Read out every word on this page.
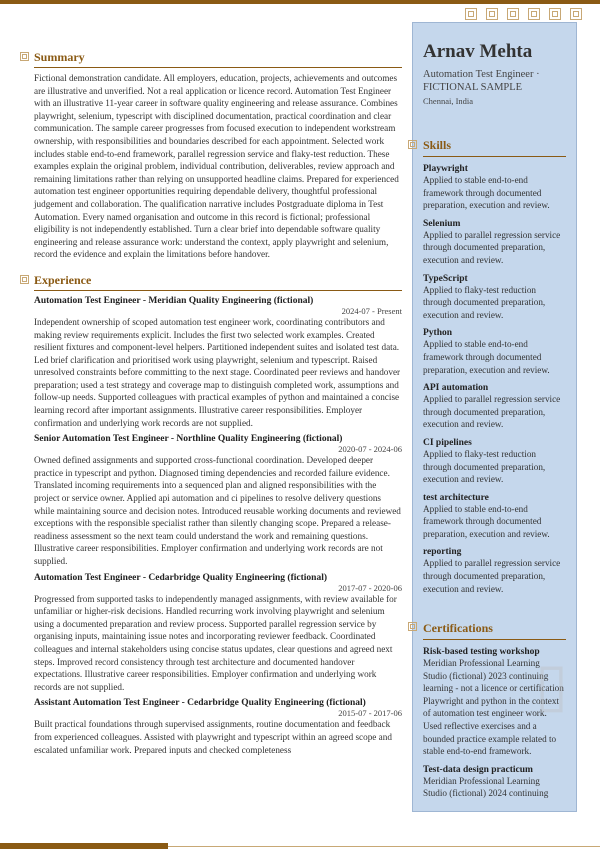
Summary
Fictional demonstration candidate. All employers, education, projects, achievements and outcomes are illustrative and unverified. Not a real application or licence record. Automation Test Engineer with an illustrative 11-year career in software quality engineering and release assurance. Combines playwright, selenium, typescript with disciplined documentation, practical coordination and clear communication. The sample career progresses from focused execution to independent workstream ownership, with responsibilities and boundaries described for each appointment. Selected work includes stable end-to-end framework, parallel regression service and flaky-test reduction. These examples explain the original problem, individual contribution, deliverables, review approach and remaining limitations rather than relying on unsupported headline claims. Prepared for experienced automation test engineer opportunities requiring dependable delivery, thoughtful professional judgement and collaboration. The qualification narrative includes Postgraduate diploma in Test Automation. Every named organisation and outcome in this record is fictional; professional eligibility is not independently established. Turn a clear brief into dependable software quality engineering and release assurance work: understand the context, apply playwright and selenium, record the evidence and explain the limitations before handover.
Experience
Automation Test Engineer - Meridian Quality Engineering (fictional)
2024-07 - Present
Independent ownership of scoped automation test engineer work, coordinating contributors and making review requirements explicit. Includes the first two selected work examples. Created resilient fixtures and component-level helpers. Partitioned independent suites and isolated test data. Led brief clarification and prioritised work using playwright, selenium and typescript. Raised unresolved constraints before committing to the next stage. Coordinated peer reviews and handover preparation; used a test strategy and coverage map to distinguish completed work, assumptions and follow-up needs. Supported colleagues with practical examples of python and maintained a concise learning record after important assignments. Illustrative career responsibilities. Employer confirmation and underlying work records are not supplied.
Senior Automation Test Engineer - Northline Quality Engineering (fictional)
2020-07 - 2024-06
Owned defined assignments and supported cross-functional coordination. Developed deeper practice in typescript and python. Diagnosed timing dependencies and recorded failure evidence. Translated incoming requirements into a sequenced plan and aligned responsibilities with the project or service owner. Applied api automation and ci pipelines to resolve delivery questions while maintaining source and decision notes. Introduced reusable working documents and reviewed exceptions with the responsible specialist rather than silently changing scope. Prepared a release-readiness assessment so the next team could understand the work and remaining questions. Illustrative career responsibilities. Employer confirmation and underlying work records are not supplied.
Automation Test Engineer - Cedarbridge Quality Engineering (fictional)
2017-07 - 2020-06
Progressed from supported tasks to independently managed assignments, with review available for unfamiliar or higher-risk decisions. Handled recurring work involving playwright and selenium using a documented preparation and review process. Supported parallel regression service by organising inputs, maintaining issue notes and incorporating reviewer feedback. Coordinated colleagues and internal stakeholders using concise status updates, clear questions and agreed next steps. Improved record consistency through test architecture and documented handover expectations. Illustrative career responsibilities. Employer confirmation and underlying work records are not supplied.
Assistant Automation Test Engineer - Cedarbridge Quality Engineering (fictional)
2015-07 - 2017-06
Built practical foundations through supervised assignments, routine documentation and feedback from experienced colleagues. Assisted with playwright and typescript within an agreed scope and escalated unfamiliar work. Prepared inputs and checked completeness
Arnav Mehta
Automation Test Engineer · FICTIONAL SAMPLE
Chennai, India
Skills
Playwright
Applied to stable end-to-end framework through documented preparation, execution and review.
Selenium
Applied to parallel regression service through documented preparation, execution and review.
TypeScript
Applied to flaky-test reduction through documented preparation, execution and review.
Python
Applied to stable end-to-end framework through documented preparation, execution and review.
API automation
Applied to parallel regression service through documented preparation, execution and review.
CI pipelines
Applied to flaky-test reduction through documented preparation, execution and review.
test architecture
Applied to stable end-to-end framework through documented preparation, execution and review.
reporting
Applied to parallel regression service through documented preparation, execution and review.
Certifications
Risk-based testing workshop
Meridian Professional Learning Studio (fictional) 2023 continuing learning - not a licence or certification Playwright and python in the context of automation test engineer work. Used reflective exercises and a bounded practice example related to stable end-to-end framework.
Test-data design practicum
Meridian Professional Learning Studio (fictional) 2024 continuing
▯
